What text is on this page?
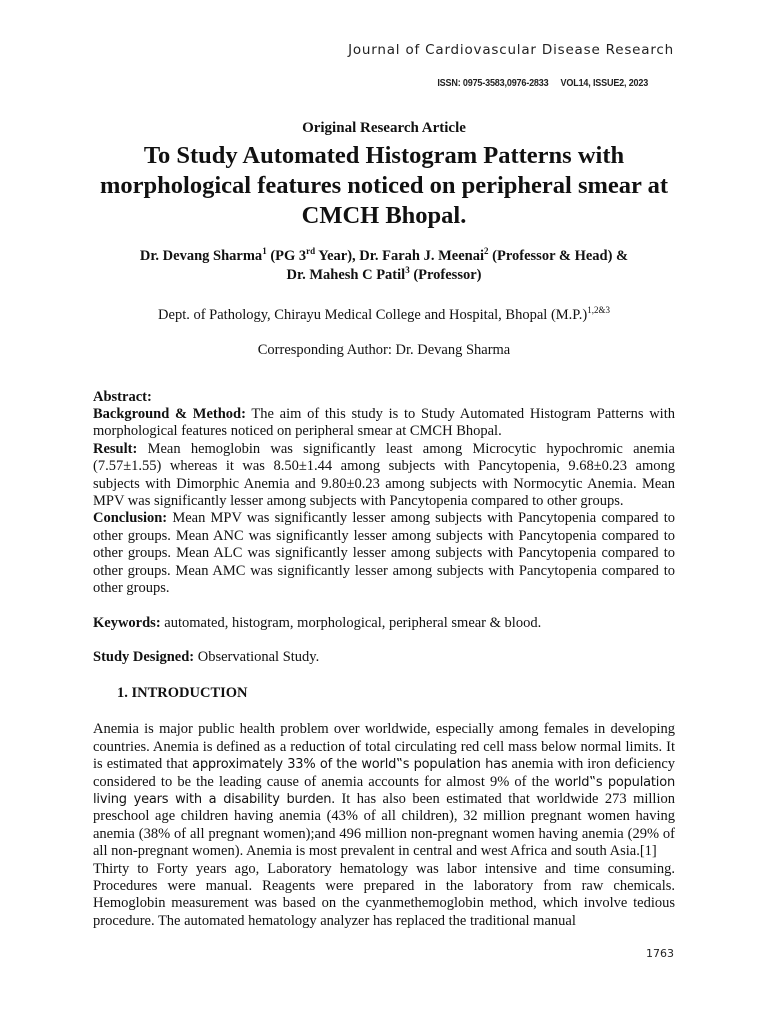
Journal of Cardiovascular Disease Research
ISSN: 0975-3583,0976-2833 VOL14, ISSUE2, 2023
Original Research Article
To Study Automated Histogram Patterns with morphological features noticed on peripheral smear at CMCH Bhopal.
Dr. Devang Sharma$^1$ (PG 3rd Year), Dr. Farah J. Meenai$^2$ (Professor & Head) &
Dr. Mahesh C Patil$^3$ (Professor)
Dept. of Pathology, Chirayu Medical College and Hospital, Bhopal $(M.P.)^{1,2\&3}$
Corresponding Author: Dr. Devang Sharma
Abstract:
Background & Method: The aim of this study is to Study Automated Histogram Patterns with morphological features noticed on peripheral smear at CMCH Bhopal.
Result: Mean hemoglobin was significantly least among Microcytic hypochromic anemia (7.57±1.55) whereas it was 8.50±1.44 among subjects with Pancytopenia, 9.68±0.23 among subjects with Dimorphic Anemia and 9.80±0.23 among subjects with Normocytic Anemia. Mean MPV was significantly lesser among subjects with Pancytopenia compared to other groups.
Conclusion: Mean MPV was significantly lesser among subjects with Pancytopenia compared to other groups. Mean ANC was significantly lesser among subjects with Pancytopenia compared to other groups. Mean ALC was significantly lesser among subjects with Pancytopenia compared to other groups. Mean AMC was significantly lesser among subjects with Pancytopenia compared to other groups.
Keywords: automated, histogram, morphological, peripheral smear & blood.
Study Designed: Observational Study.
1. INTRODUCTION
Anemia is major public health problem over worldwide, especially among females in developing countries. Anemia is defined as a reduction of total circulating red cell mass below normal limits. It is estimated that approximately 33% of the world‟s population has anemia with iron deficiency considered to be the leading cause of anemia accounts for almost 9% of the world‟s population living years with a disability burden. It has also been estimated that worldwide 273 million preschool age children having anemia (43% of all children), 32 million pregnant women having anemia (38% of all pregnant women);and 496 million non-pregnant women having anemia (29% of all non-pregnant women). Anemia is most prevalent in central and west Africa and south Asia.[1]
Thirty to Forty years ago, Laboratory hematology was labor intensive and time consuming. Procedures were manual. Reagents were prepared in the laboratory from raw chemicals. Hemoglobin measurement was based on the cyanmethemoglobin method, which involve tedious procedure. The automated hematology analyzer has replaced the traditional manual
1763
